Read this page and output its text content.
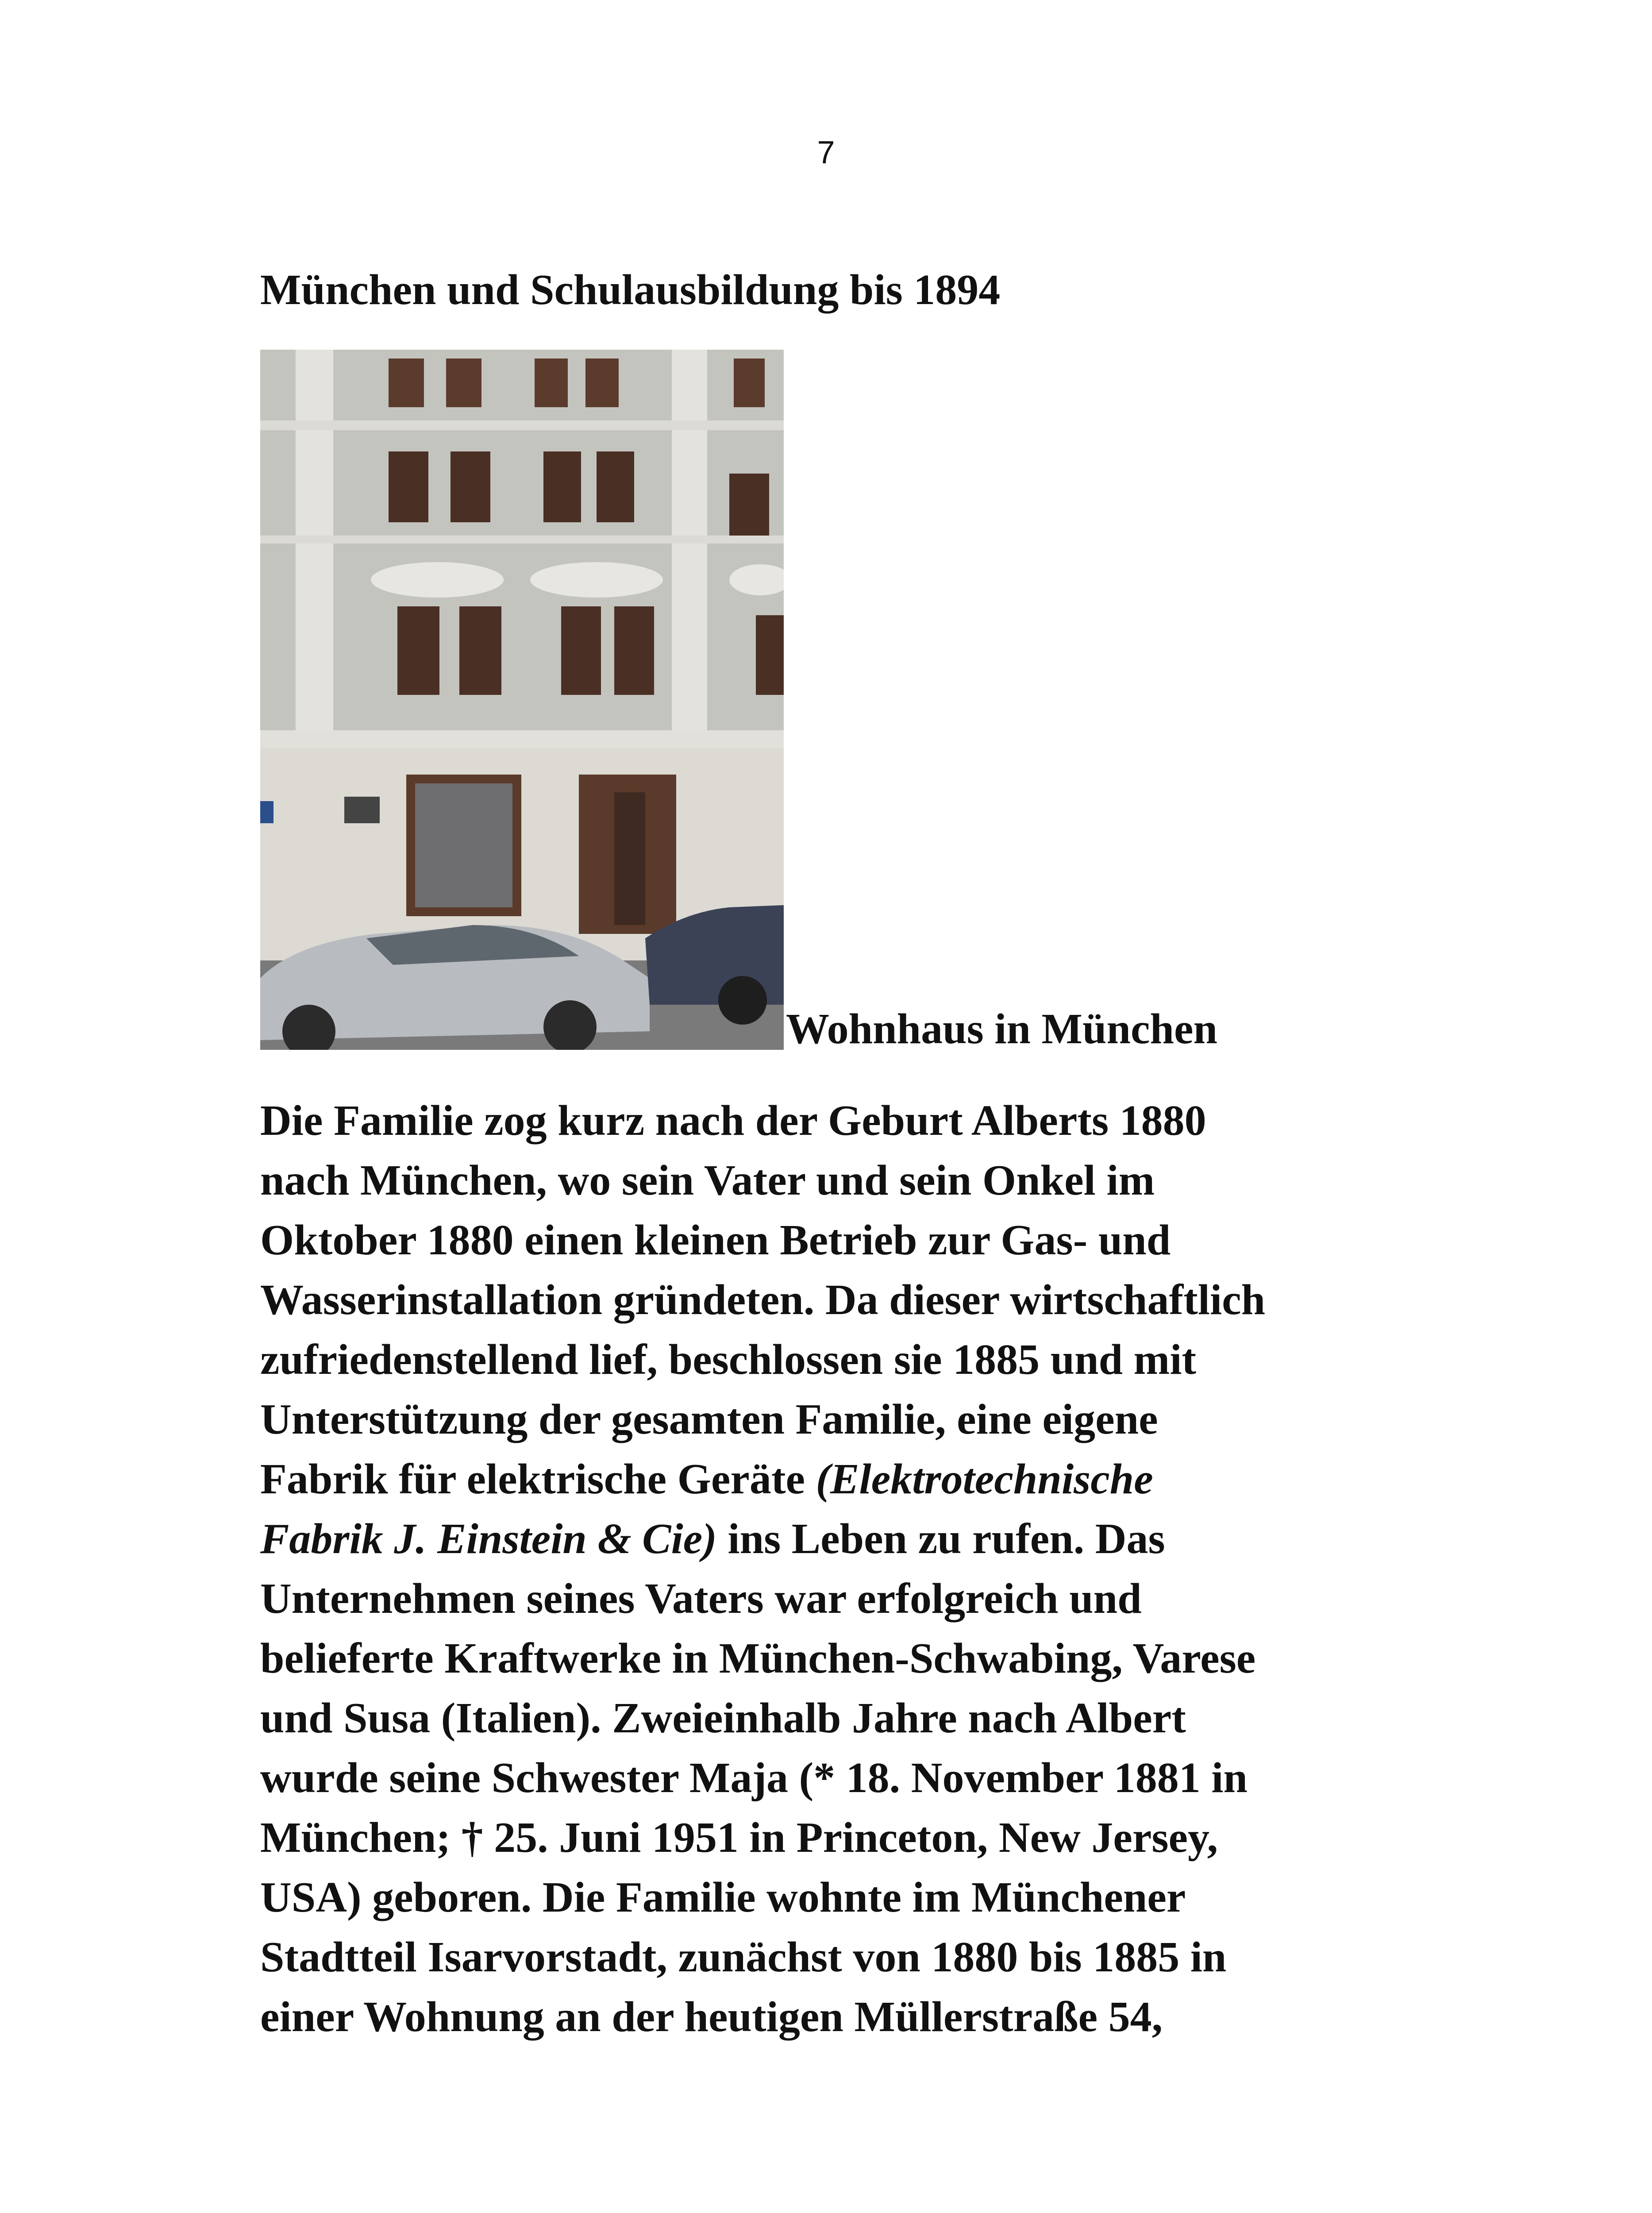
7
München und Schulausbildung bis 1894
Wohnhaus in München

Die Familie zog kurz nach der Geburt Alberts 1880
nach München, wo sein Vater und sein Onkel im
Oktober 1880 einen kleinen Betrieb zur Gas- und
Wasserinstallation gründeten. Da dieser wirtschaftlich
zufriedenstellend lief, beschlossen sie 1885 und mit
Unterstützung der gesamten Familie, eine eigene
Fabrik für elektrische Geräte (Elektrotechnische
Fabrik J. Einstein & Cie) ins Leben zu rufen. Das
Unternehmen seines Vaters war erfolgreich und
belieferte Kraftwerke in München-Schwabing, Varese
und Susa (Italien). Zweieinhalb Jahre nach Albert
wurde seine Schwester Maja (* 18. November 1881 in
München; † 25. Juni 1951 in Princeton, New Jersey,
USA) geboren. Die Familie wohnte im Münchener
Stadtteil Isarvorstadt, zunächst von 1880 bis 1885 in
einer Wohnung an der heutigen Müllerstraße 54,
